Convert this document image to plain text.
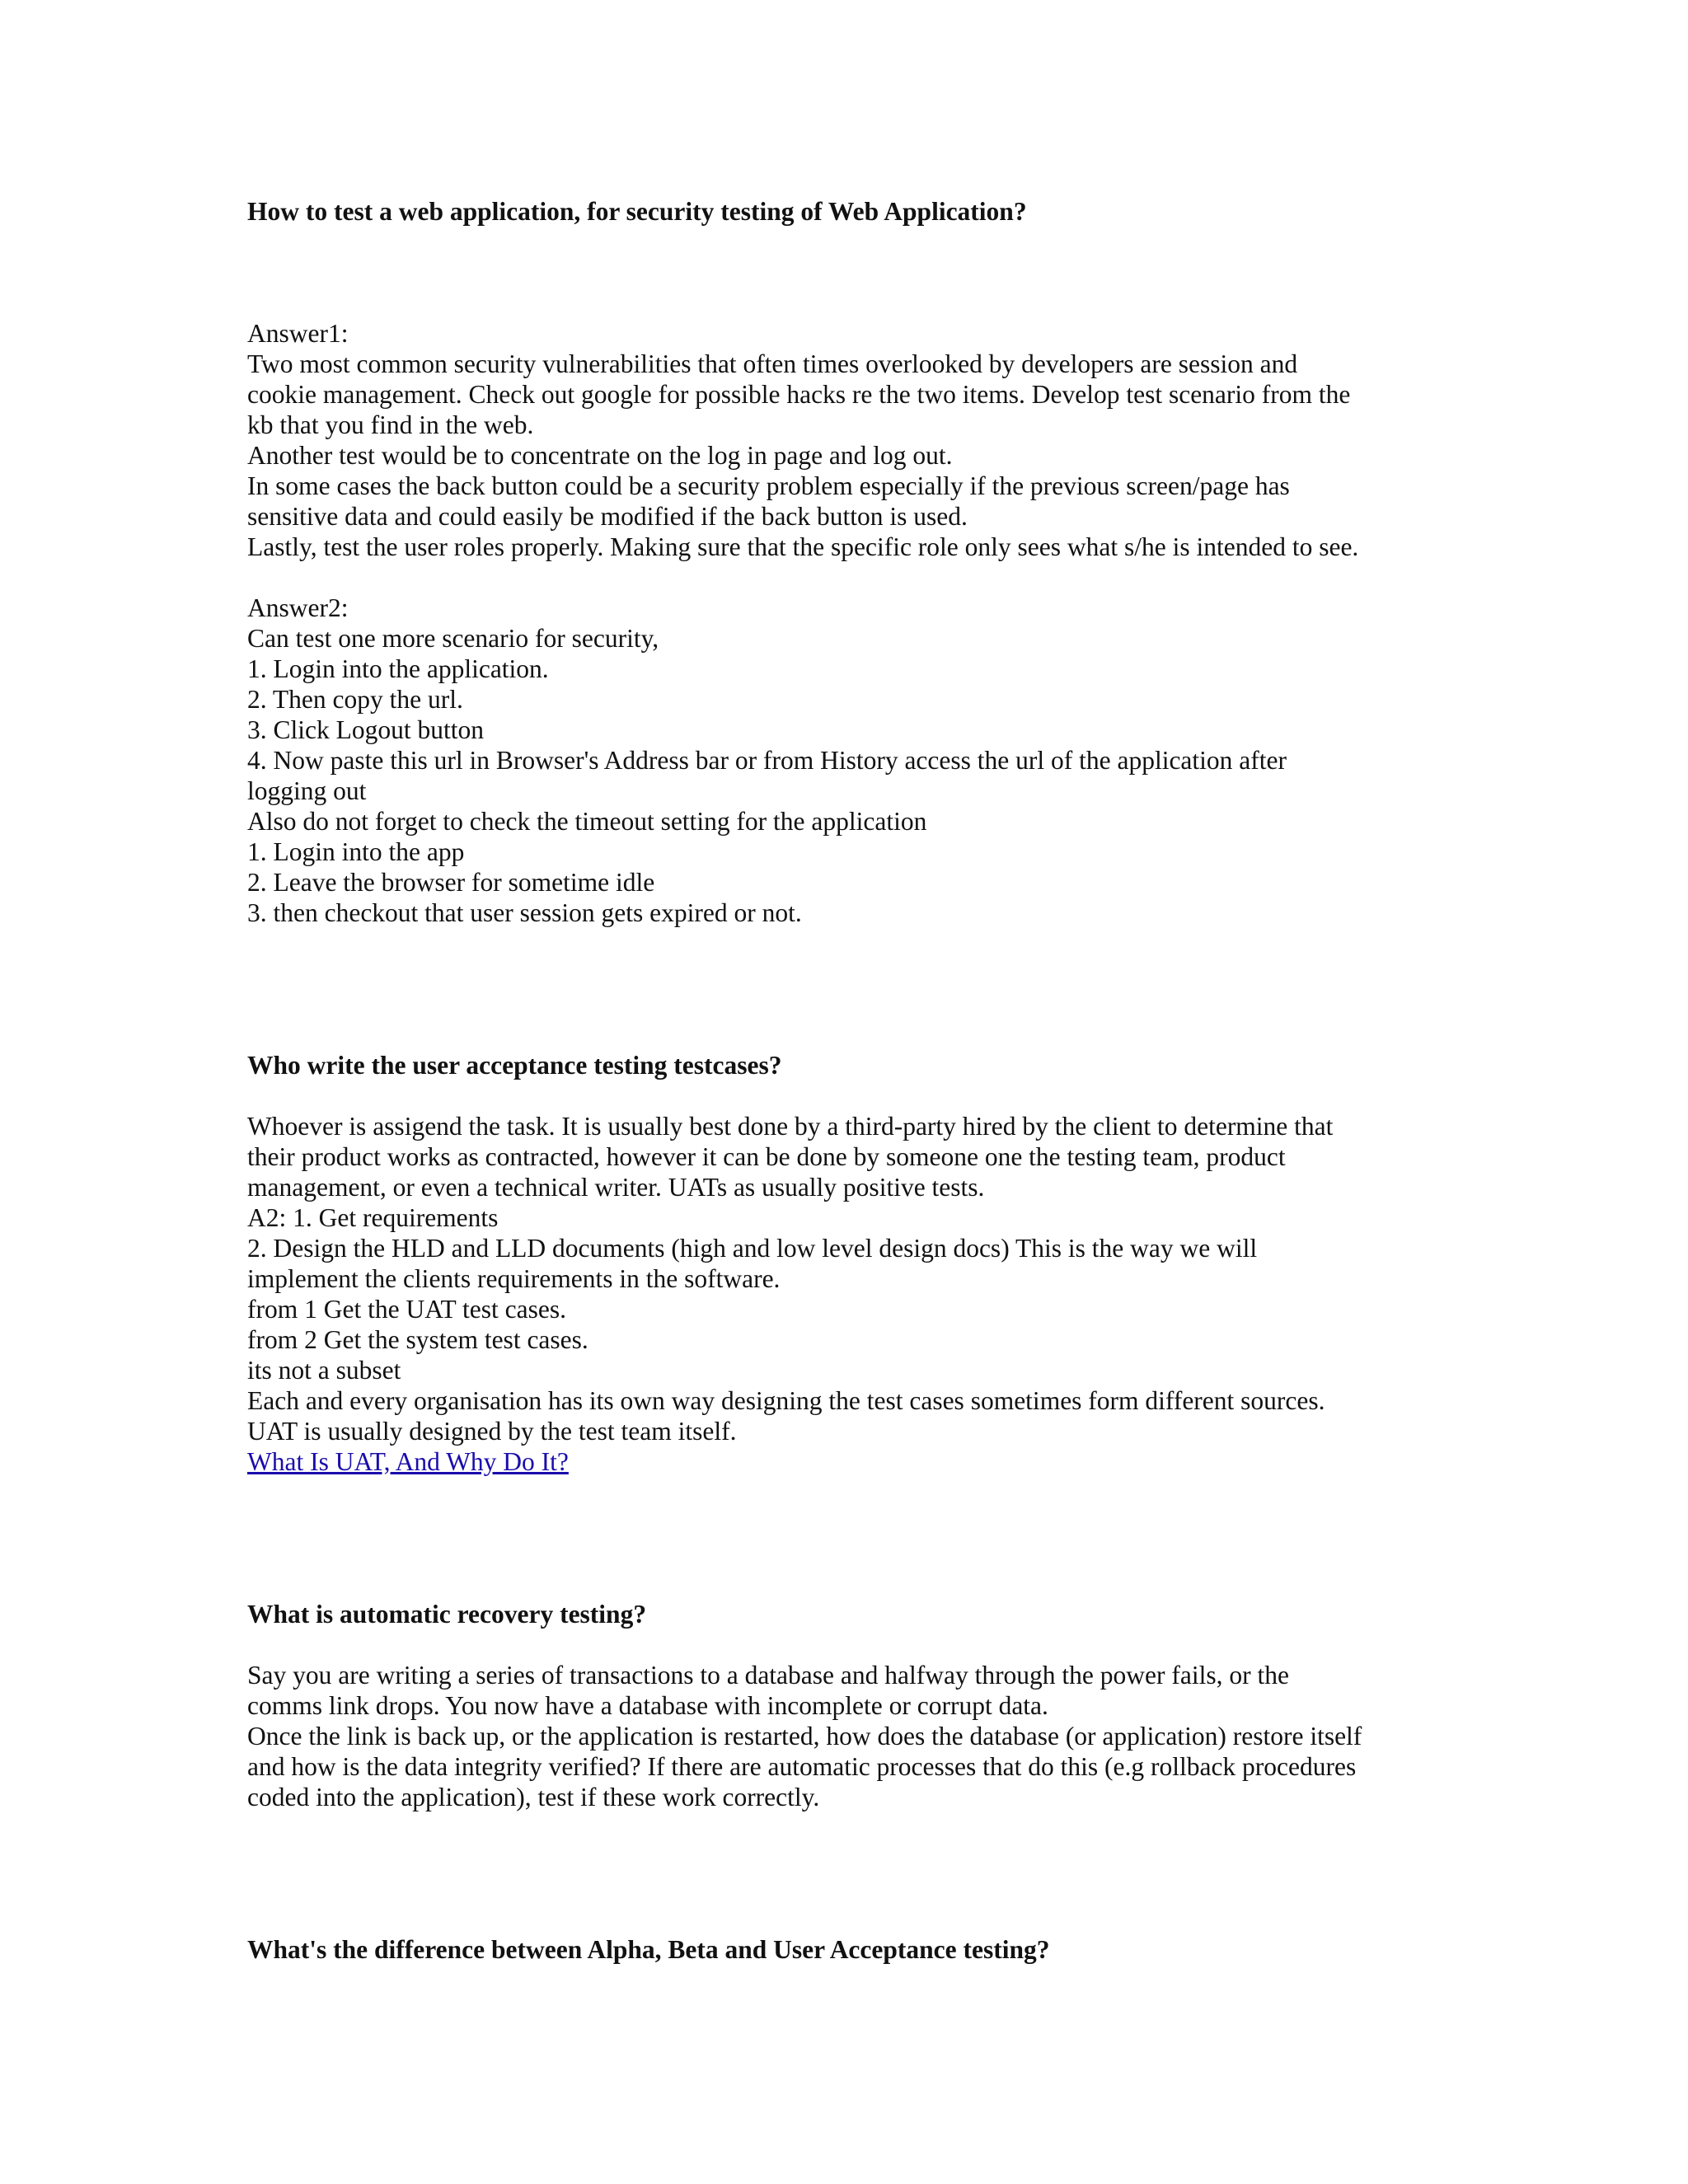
How to test a web application, for security testing of Web Application?

Answer1:

Two most common security vulnerabilities that often times overlooked by developers are session and

cookie management. Check out google for possible hacks re the two items. Develop test scenario from the

kb that you find in the web.

Another test would be to concentrate on the log in page and log out.

In some cases the back button could be a security problem especially if the previous screen/page has

sensitive data and could easily be modified if the back button is used.

Lastly, test the user roles properly. Making sure that the specific role only sees what s/he is intended to see.

Answer2:

Can test one more scenario for security,

1. Login into the application.

2. Then copy the url.

3. Click Logout button

4. Now paste this url in Browser's Address bar or from History access the url of the application after

logging out

Also do not forget to check the timeout setting for the application

1. Login into the app

2. Leave the browser for sometime idle

3. then checkout that user session gets expired or not.

Who write the user acceptance testing testcases?

Whoever is assigend the task. It is usually best done by a third-party hired by the client to determine that

their product works as contracted, however it can be done by someone one the testing team, product

management, or even a technical writer. UATs as usually positive tests.

A2: 1. Get requirements

2. Design the HLD and LLD documents (high and low level design docs) This is the way we will

implement the clients requirements in the software.

from 1 Get the UAT test cases.

from 2 Get the system test cases.

its not a subset

Each and every organisation has its own way designing the test cases sometimes form different sources.

UAT is usually designed by the test team itself.

What Is UAT, And Why Do It?

What is automatic recovery testing?

Say you are writing a series of transactions to a database and halfway through the power fails, or the

comms link drops. You now have a database with incomplete or corrupt data.

Once the link is back up, or the application is restarted, how does the database (or application) restore itself

and how is the data integrity verified? If there are automatic processes that do this (e.g rollback procedures

coded into the application), test if these work correctly.

What's the difference between Alpha, Beta and User Acceptance testing?
